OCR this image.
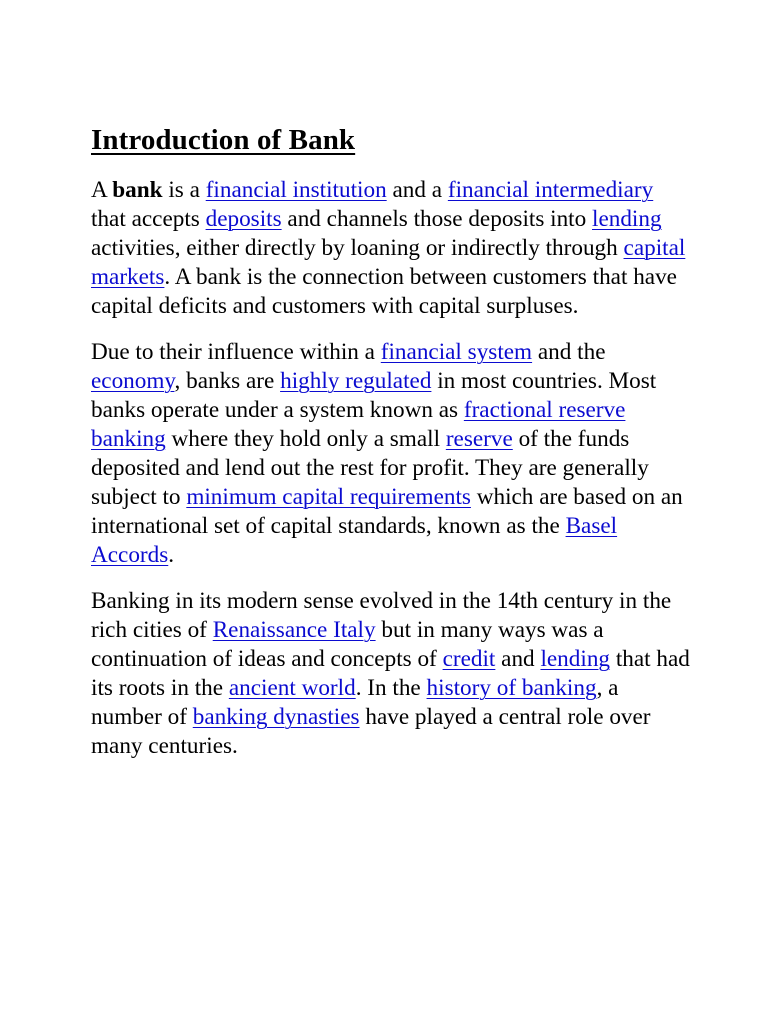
Introduction of Bank

A bank is a financial institution and a financial intermediary that accepts deposits and channels those deposits into lending activities, either directly by loaning or indirectly through capital markets. A bank is the connection between customers that have capital deficits and customers with capital surpluses.

Due to their influence within a financial system and the economy, banks are highly regulated in most countries. Most banks operate under a system known as fractional reserve banking where they hold only a small reserve of the funds deposited and lend out the rest for profit. They are generally subject to minimum capital requirements which are based on an international set of capital standards, known as the Basel Accords.

Banking in its modern sense evolved in the 14th century in the rich cities of Renaissance Italy but in many ways was a continuation of ideas and concepts of credit and lending that had its roots in the ancient world. In the history of banking, a number of banking dynasties have played a central role over many centuries.
